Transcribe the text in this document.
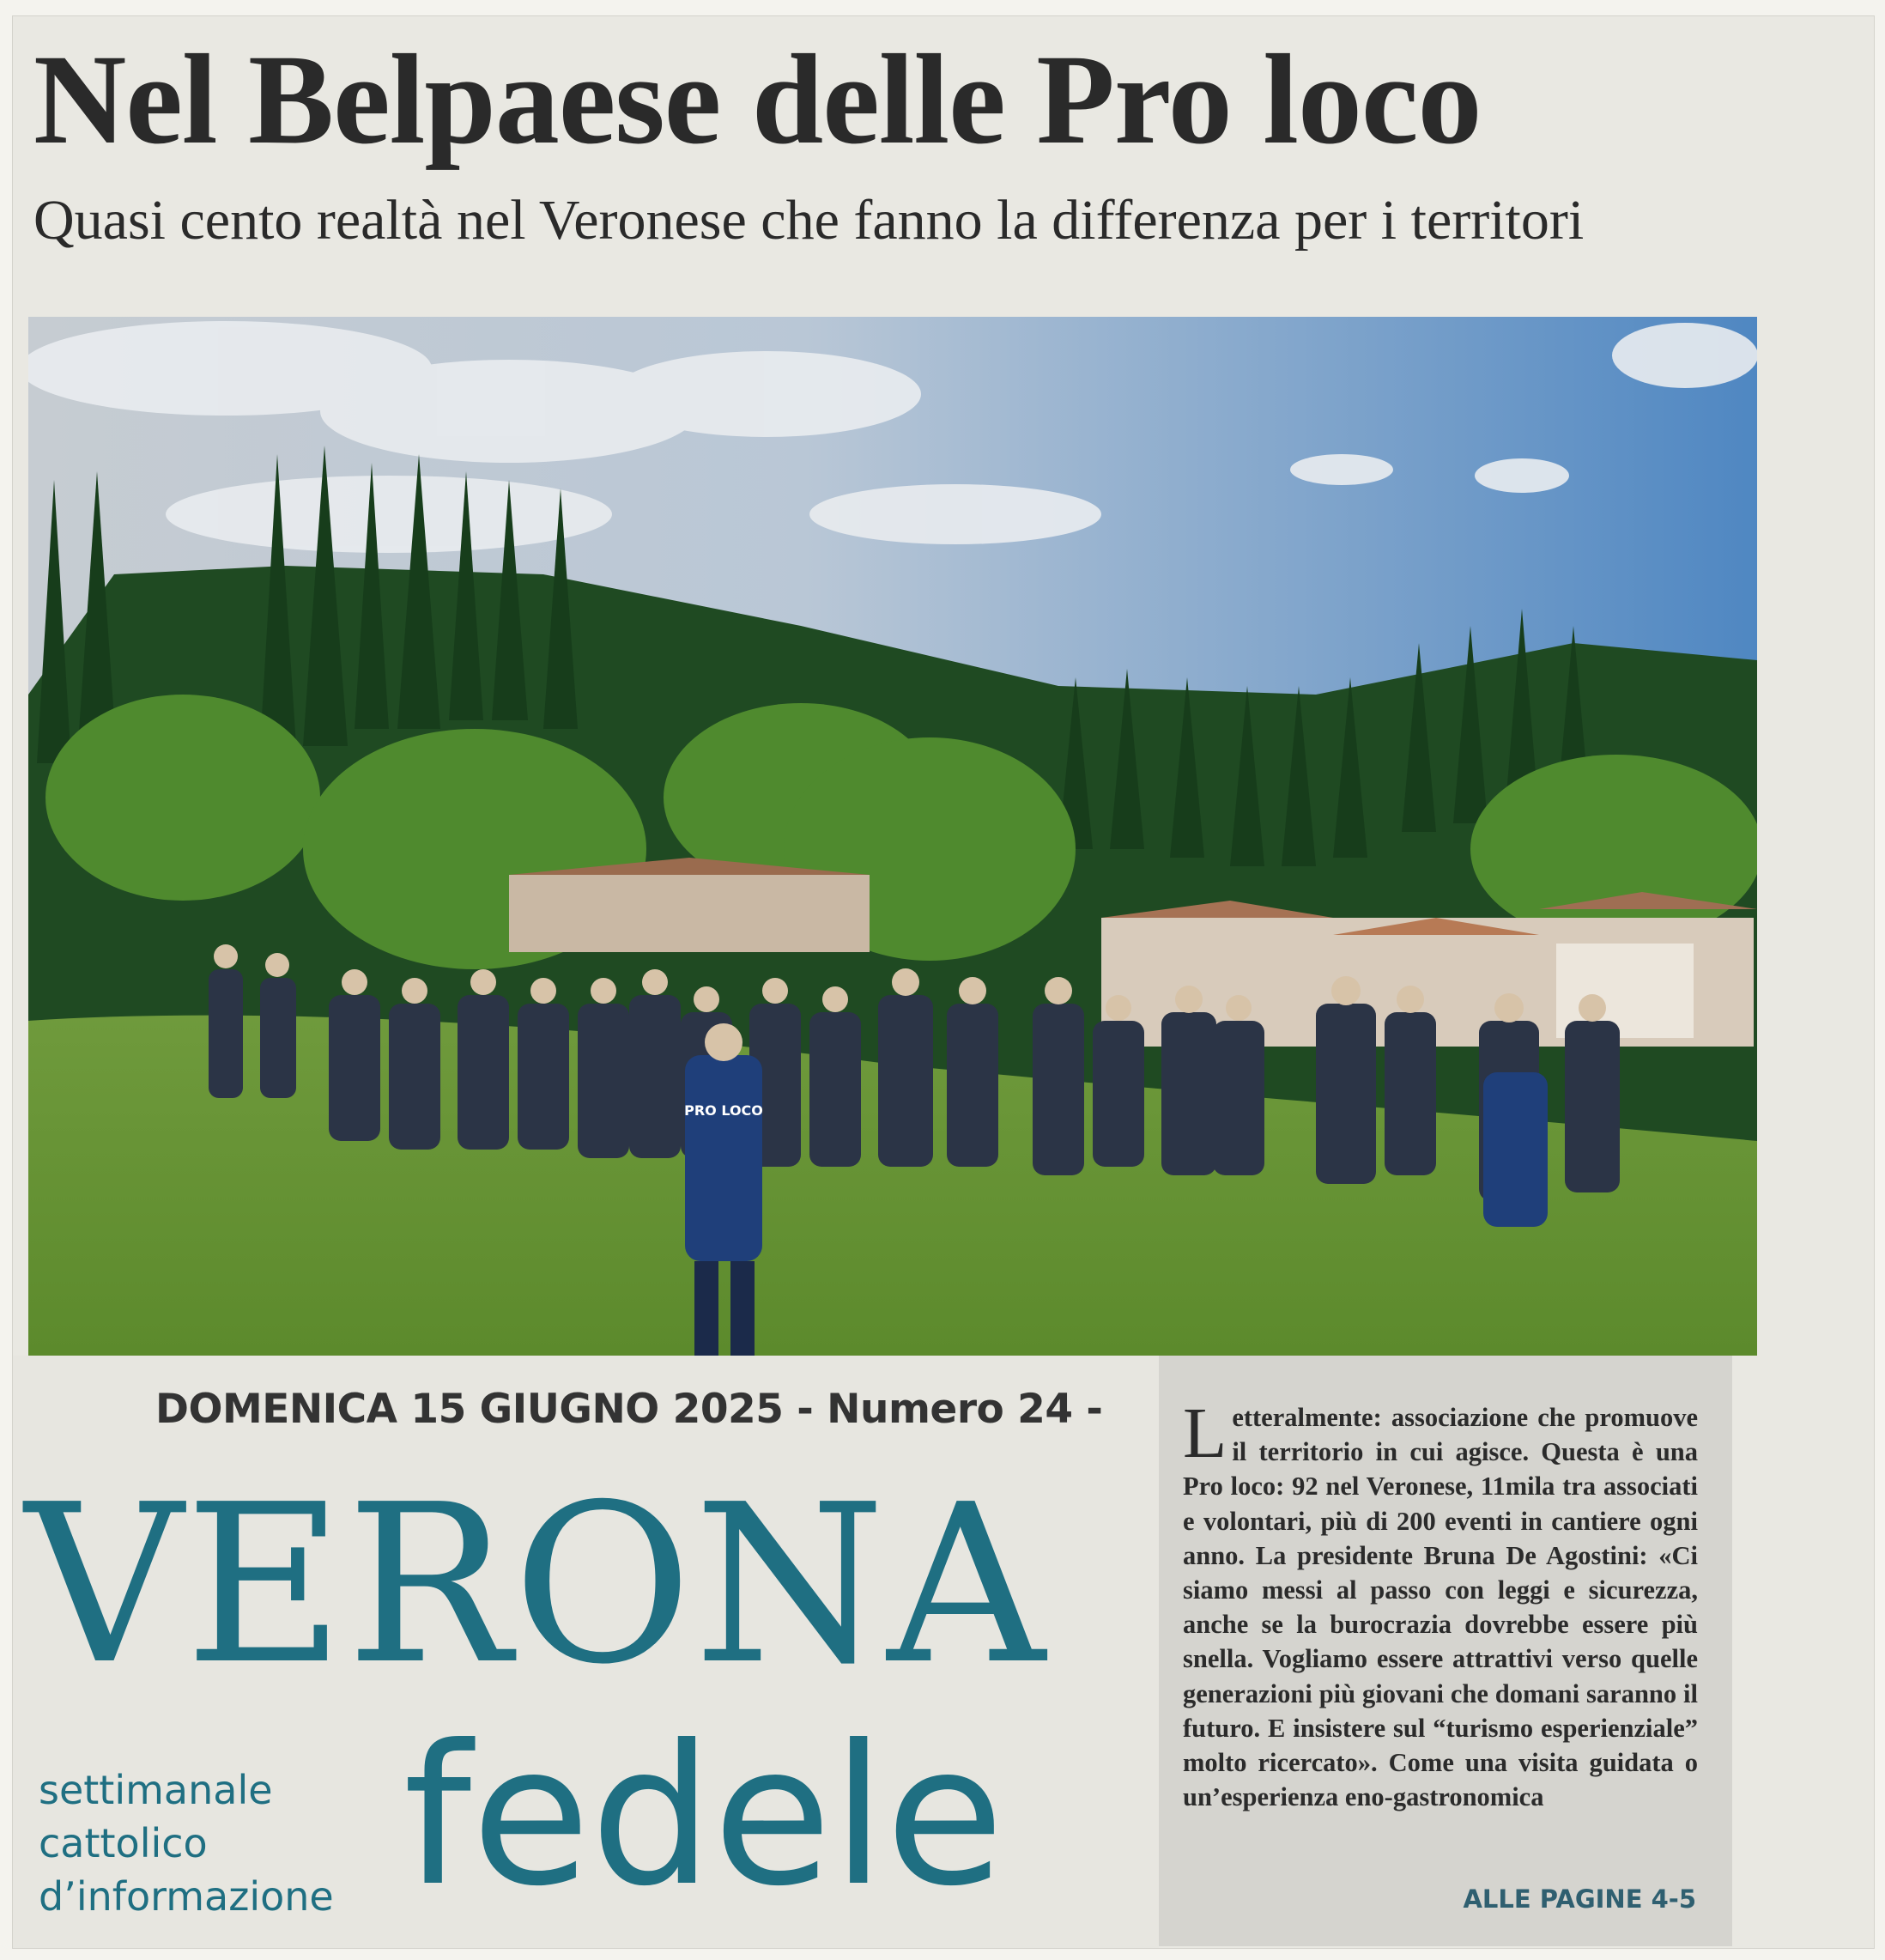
Nel Belpaese delle Pro loco
Quasi cento realtà nel Veronese che fanno la differenza per i territori
PRO LOCO
DOMENICA 15 GIUGNO 2025 - Numero 24 -
VERONA
fedele
settimanale
cattolico
d’informazione
Letteralmente: associazione che promuove il territorio in cui agisce. Questa è una Pro loco: 92 nel Veronese, 11mila tra associati e volontari, più di 200 eventi in cantiere ogni anno. La presidente Bruna De Agostini: «Ci siamo messi al passo con leggi e sicurezza, anche se la burocrazia dovrebbe essere più snella. Vogliamo essere attrattivi verso quelle generazioni più giovani che domani saranno il futuro. E insistere sul “turismo esperienziale” molto ricercato». Come una visita guidata o un’esperienza eno-gastronomica
ALLE PAGINE 4-5
